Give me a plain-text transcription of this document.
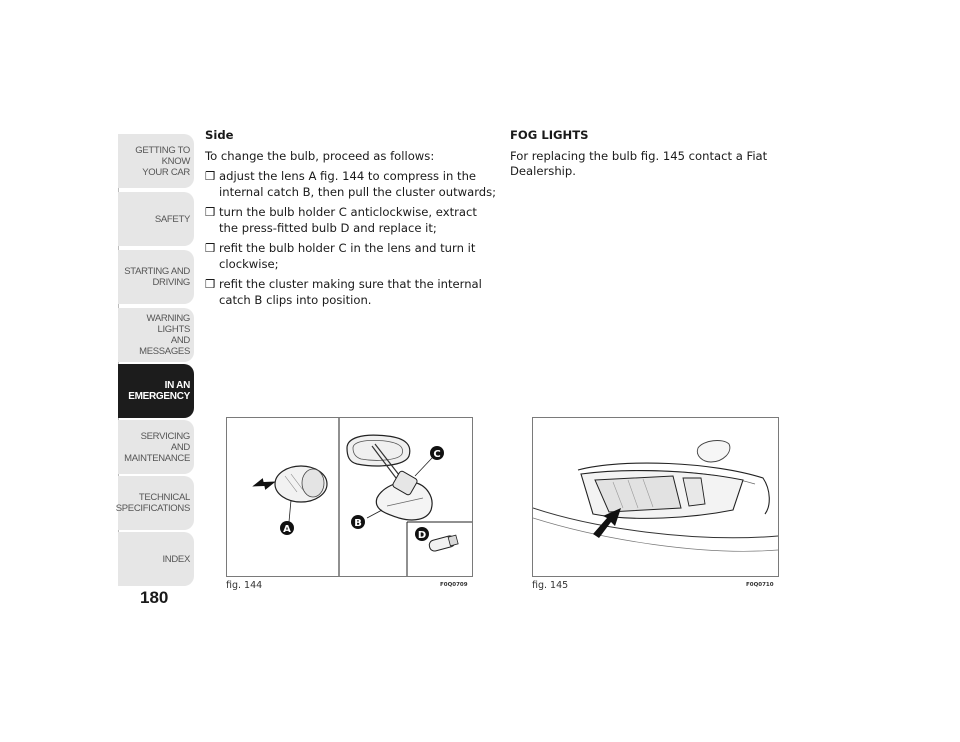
GETTING TO KNOW
YOUR CAR
SAFETY
STARTING AND
DRIVING
WARNING LIGHTS
AND MESSAGES
IN AN
EMERGENCY
SERVICING AND
MAINTENANCE
TECHNICAL
SPECIFICATIONS
INDEX
180
Side
To change the bulb, proceed as follows:
❒ adjust the lens A fig. 144 to compress in the internal catch B, then pull the cluster outwards;
❒ turn the bulb holder C anticlockwise, extract the press-fitted bulb D and replace it;
❒ refit the bulb holder C in the lens and turn it clockwise;
❒ refit the cluster making sure that the internal catch B clips into position.
FOG LIGHTS
For replacing the bulb fig. 145 contact a Fiat Dealership.
A
C
B
D
fig. 144	F0Q0709	fig. 145	F0Q0710
